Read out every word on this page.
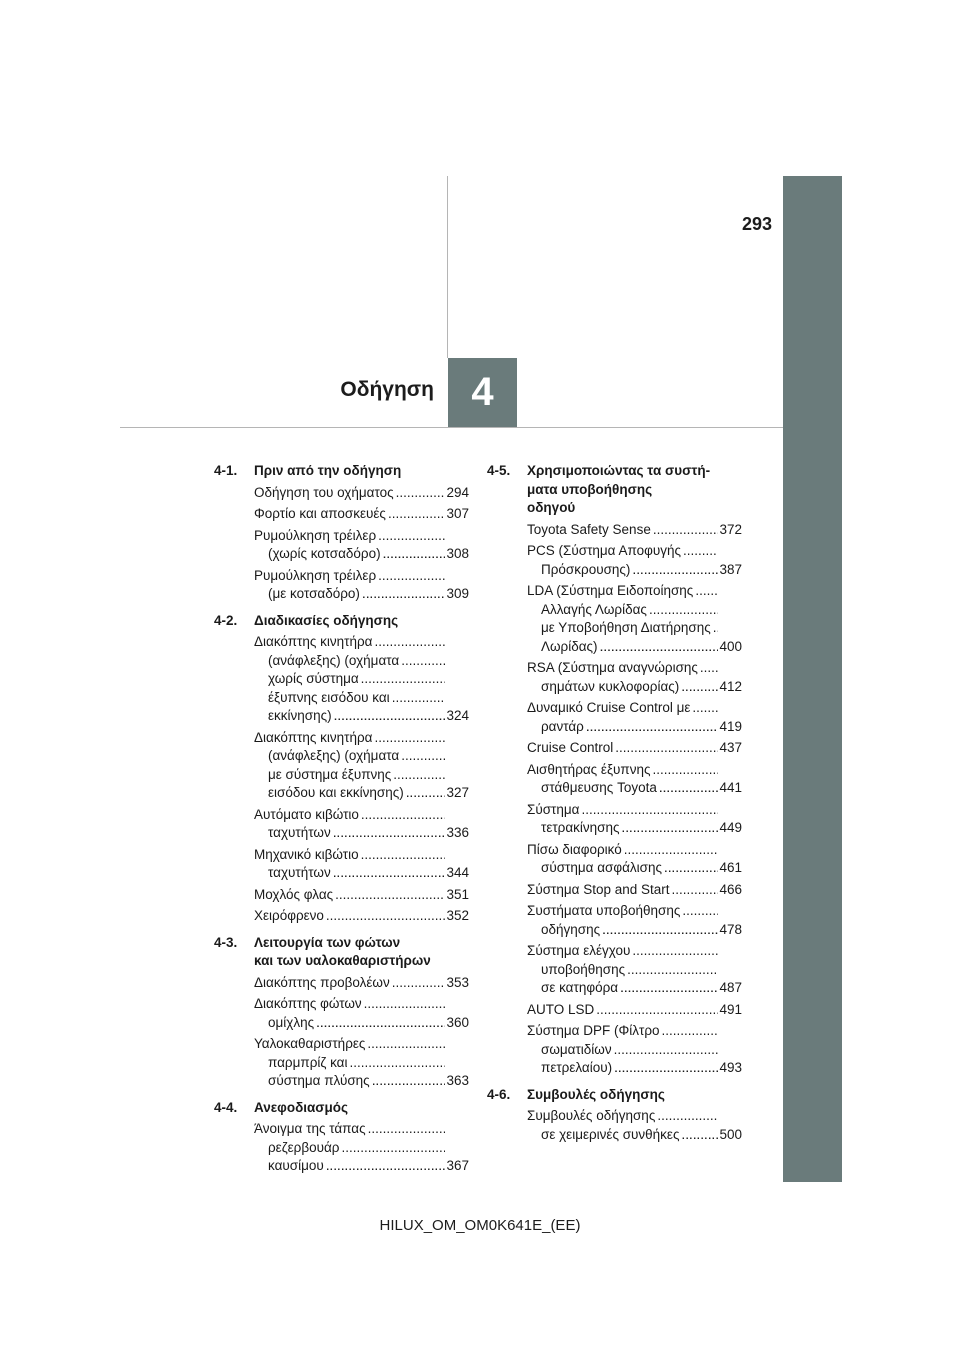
293
Οδήγηση 4
4-1.	Πριν από την οδήγηση
Οδήγηση του οχήματος .....	294
Φορτίο και αποσκευές .....	307
Ρυμούλκηση τρέιλερ .....
(χωρίς κοτσαδόρο) ..... .....	308
Ρυμούλκηση τρέιλερ .....
(με κοτσαδόρο) ..... .....	309
4-2.	Διαδικασίες οδήγησης
Διακόπτης κινητήρα .....
(ανάφλεξης) (οχήματα .....
χωρίς σύστημα .....
έξυπνης εισόδου και .....
εκκίνησης) ..... .....	324
Διακόπτης κινητήρα .....
(ανάφλεξης) (οχήματα .....
με σύστημα έξυπνης .....
εισόδου και εκκίνησης) ..... .....	327
Αυτόματο κιβώτιο .....
ταχυτήτων ..... .....	336
Μηχανικό κιβώτιο .....
ταχυτήτων ..... .....	344
Μοχλός φλας .....	351
Χειρόφρενο .....	352
4-3.	Λειτουργία των φώτων
και των υαλοκαθαριστήρων
Διακόπτης προβολέων .....	353
Διακόπτης φώτων .....
ομίχλης ..... .....	360
Υαλοκαθαριστήρες .....
παρμπρίζ και .....
σύστημα πλύσης ..... .....	363
4-4.	Ανεφοδιασμός
Άνοιγμα της τάπας .....
ρεζερβουάρ .....
καυσίμου ..... .....	367
4-5.	Χρησιμοποιώντας τα συστή-
ματα υποβοήθησης
οδηγού
Toyota Safety Sense .....	372
PCS (Σύστημα Αποφυγής .....
Πρόσκρουσης) ..... .....	387
LDA (Σύστημα Ειδοποίησης .....
Αλλαγής Λωρίδας .....
με Υποβοήθηση Διατήρησης .....
Λωρίδας) ..... .....	400
RSA (Σύστημα αναγνώρισης .....
σημάτων κυκλοφορίας) ..... .....	412
Δυναμικό Cruise Control με .....
ραντάρ ..... .....	419
Cruise Control .....	437
Αισθητήρας έξυπνης .....
στάθμευσης Toyota ..... .....	441
Σύστημα .....
τετρακίνησης ..... .....	449
Πίσω διαφορικό .....
σύστημα ασφάλισης ..... .....	461
Σύστημα Stop and Start .....	466
Συστήματα υποβοήθησης .....
οδήγησης ..... .....	478
Σύστημα ελέγχου .....
υποβοήθησης .....
σε κατηφόρα ..... .....	487
AUTO LSD .....	491
Σύστημα DPF (Φίλτρο .....
σωματιδίων .....
πετρελαίου) ..... .....	493
4-6.	Συμβουλές οδήγησης
Συμβουλές οδήγησης .....
σε χειμερινές συνθήκες ..... .....	500
HILUX_OM_OM0K641E_(EE)
